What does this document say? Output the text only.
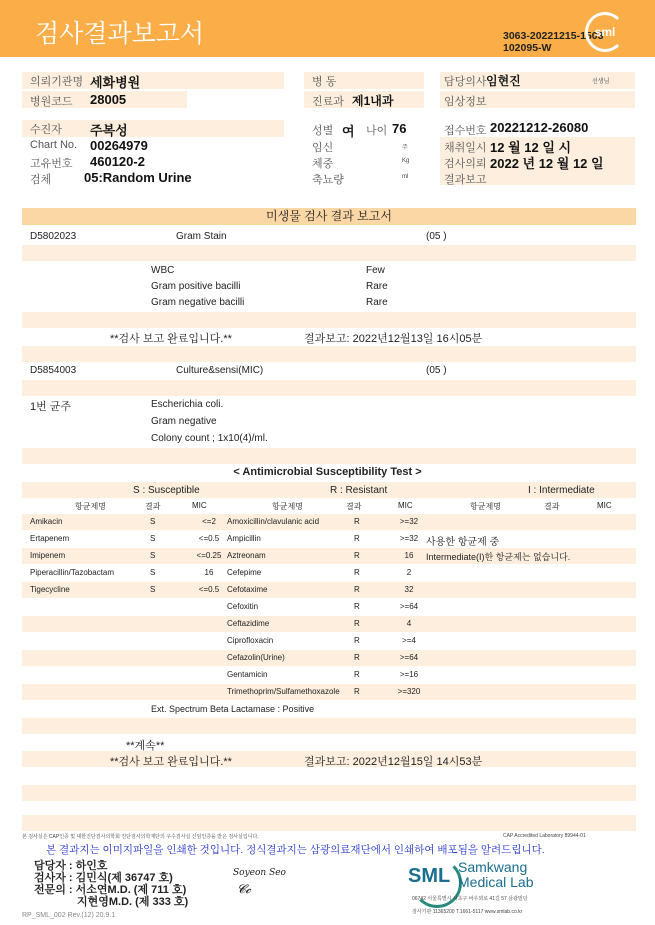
검사결과보고서	3063-20221215-1503
102095-W
sml
의뢰기관명 세화병원
병원코드 28005
병 동
진료과 제1내과
담당의사 임현진	선생님
임상정보
수진자 주복성
Chart No. 00264979
고유번호 460120-2
검체	05:Random Urine
성별 여 나이 76
임신	주
체중	Kg
축뇨량	ml
접수번호 20221212-26080
채취일시 12 월 12 일 시
검사의뢰 2022 년 12 월 12 일
결과보고
미생물 검사 결과 보고서
D5802023	Gram Stain	(05 )
WBC	Few
Gram positive bacilli	Rare
Gram negative bacilli	Rare
**검사 보고 완료입니다.**	결과보고: 2022년12월13일 16시05분
D5854003	Culture&sensi(MIC)	(05 )
1번 균주	Escherichia coli.
Gram negative
Colony count ; 1x10(4)/ml.
< Antimicrobial Susceptibility Test >
S : Susceptible	R : Resistant	I : Intermediate
항균제명	결과	MIC	항균제명	결과	MIC	항균제명	결과	MIC
Amikacin	S	<=2
Ertapenem	S	<=0.5
Imipenem	S	<=0.25
Piperacillin/Tazobactam	S	16
Tigecycline	S	<=0.5
Amoxicillin/clavulanic acid	R	>=32
Ampicillin	R	>=32
Aztreonam	R	16
Cefepime	R	2
Cefotaxime	R	32
Cefoxitin	R	>=64
Ceftazidime	R	4
Ciprofloxacin	R	>=4
Cefazolin(Urine)	R	>=64
Gentamicin	R	>=16
Trimethoprim/Sulfamethoxazole R	>=320
사용한 항균제 중
Intermediate(I)한 항균제는 없습니다.
Ext. Spectrum Beta Lactamase : Positive
**계속**
**검사 보고 완료입니다.**	결과보고: 2022년12월15일 14시53분
본 검사실은 CAP인증 및 대한진단검사의학회 진단검사의학재단의 우수검사실 신임인증을 받은 검사실입니다.	CAP Accredited Laboratory 89944-01
본 결과지는 이미지파일을 인쇄한 것입니다. 정식결과지는 삼광의료재단에서 인쇄하여 배포됨을 알려드립니다.
담당자 : 하인호
검사자 : 김민식(제 36747 호)
전문의 : 서소연M.D. (제 711 호)
지현영M.D. (제 333 호)
Soyeon Seo
𝓒𝓬
RP_SML_002 Rev.(12) 20.9.1
SML Samkwang
Medical Lab
06742 서울특별시 서초구 바우뫼로 41길 57 삼광빌딩
검사기관 11365200 T.1661-5117 www.smlab.co.kr
